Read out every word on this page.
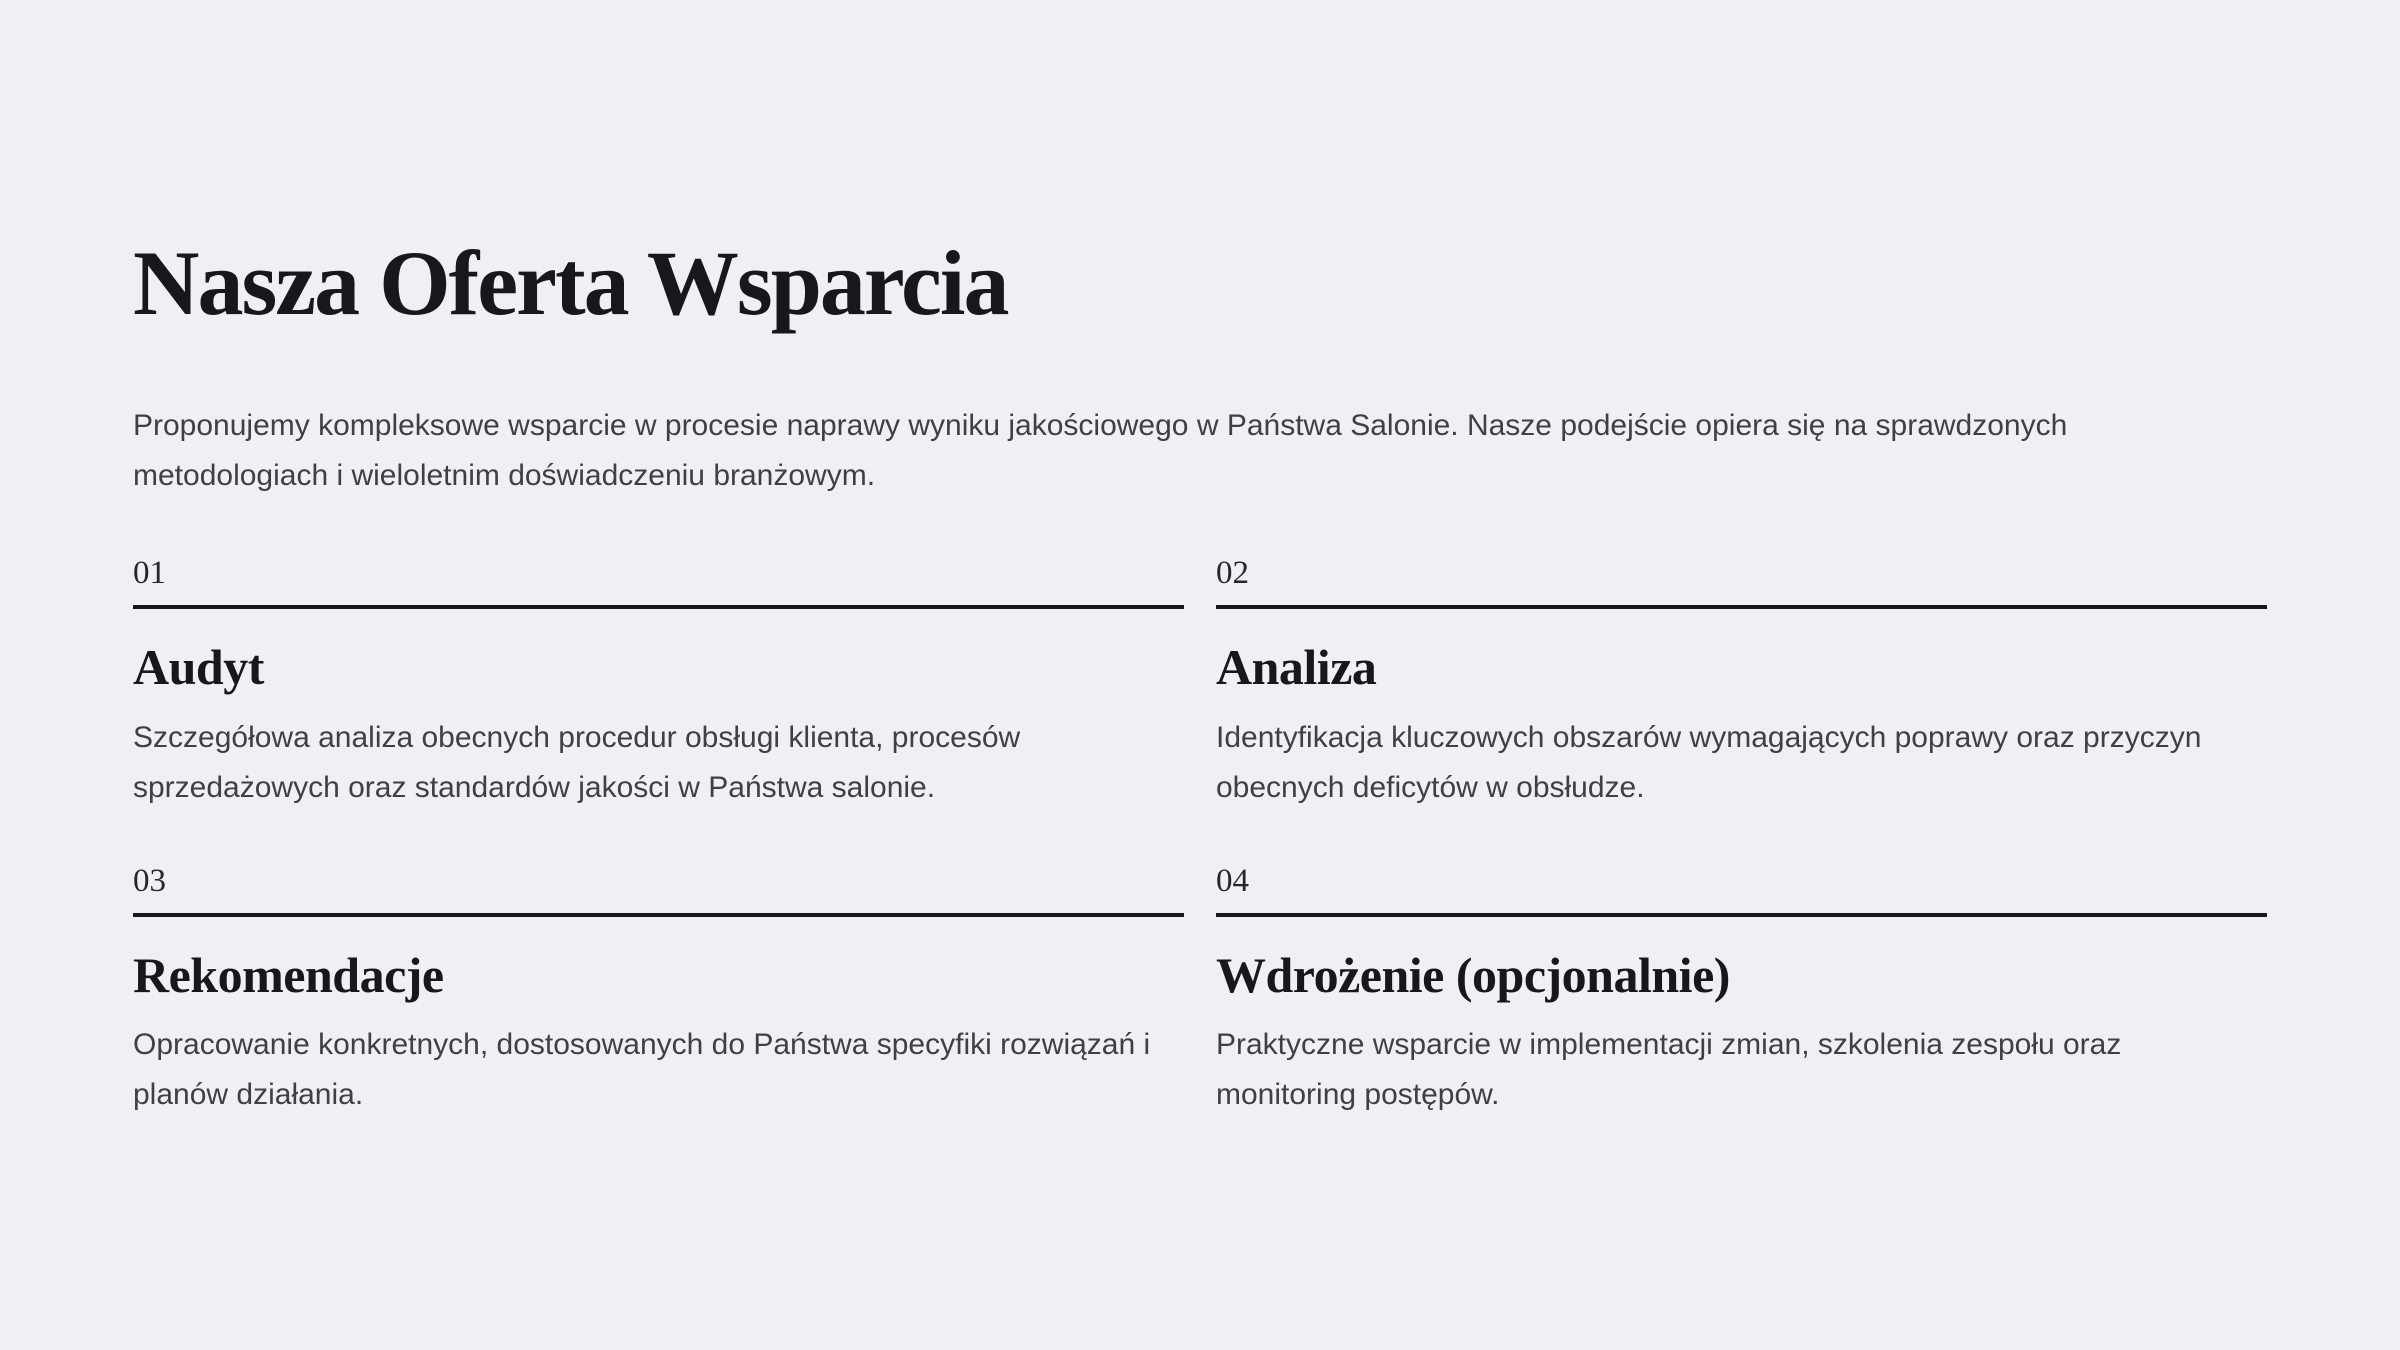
Nasza Oferta Wsparcia

Proponujemy kompleksowe wsparcie w procesie naprawy wyniku jakościowego w Państwa Salonie. Nasze podejście opiera się na sprawdzonych metodologiach i wieloletnim doświadczeniu branżowym.

01
Audyt

Szczegółowa analiza obecnych procedur obsługi klienta, procesów sprzedażowych oraz standardów jakości w Państwa salonie.

02
Analiza

Identyfikacja kluczowych obszarów wymagających poprawy oraz przyczyn obecnych deficytów w obsłudze.

03
Rekomendacje

Opracowanie konkretnych, dostosowanych do Państwa specyfiki rozwiązań i planów działania.

04
Wdrożenie (opcjonalnie)

Praktyczne wsparcie w implementacji zmian, szkolenia zespołu oraz monitoring postępów.
